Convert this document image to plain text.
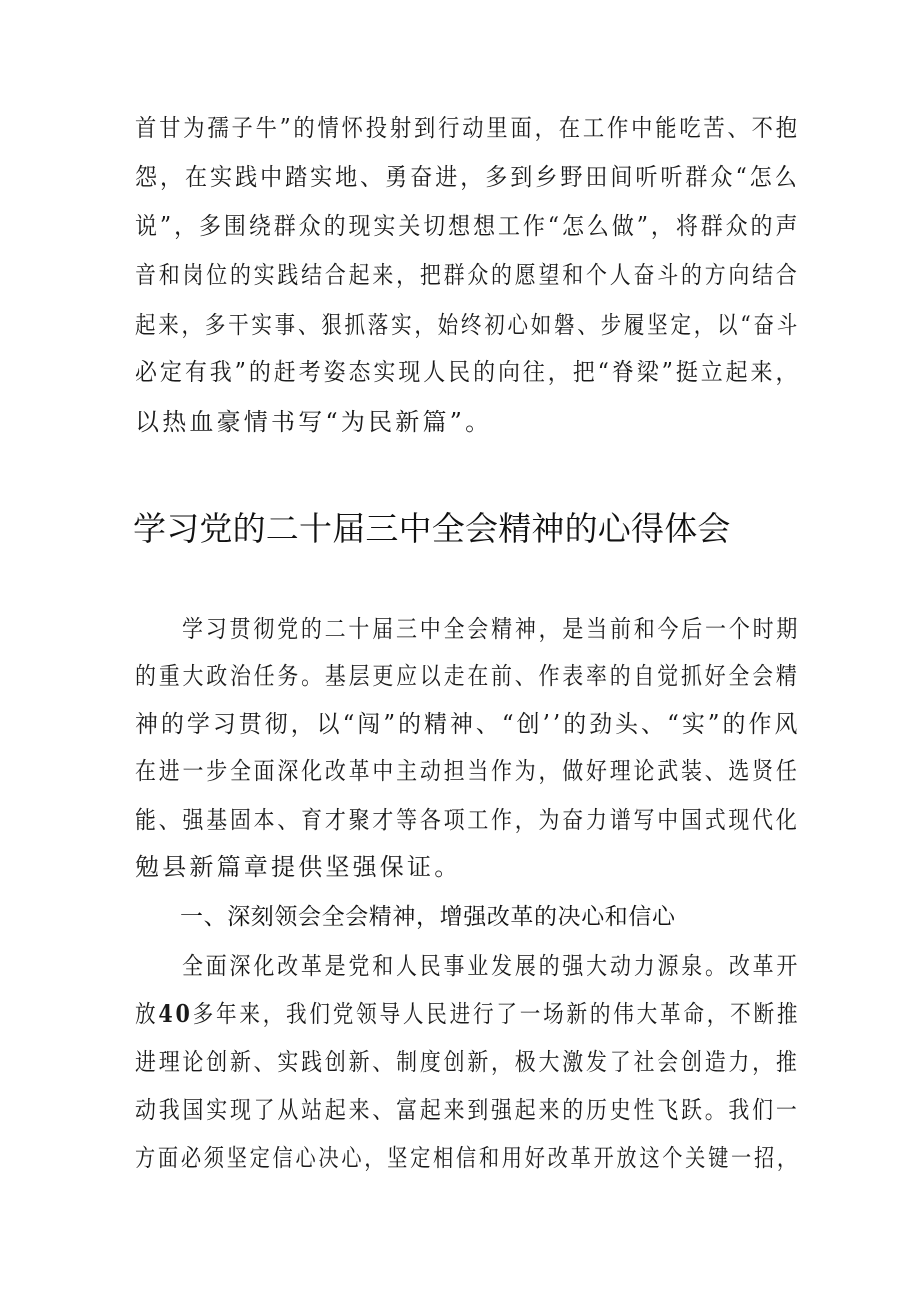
首甘为孺子牛”的情怀投射到行动里面，在工作中能吃苦、不抱
怨，在实践中踏实地、勇奋进，多到乡野田间听听群众“怎么
说”，多围绕群众的现实关切想想工作“怎么做”，将群众的声
音和岗位的实践结合起来，把群众的愿望和个人奋斗的方向结合
起来，多干实事、狠抓落实，始终初心如磐、步履坚定，以“奋斗
必定有我”的赶考姿态实现人民的向往，把“脊梁”挺立起来，
以热血豪情书写“为民新篇”。
学习党的二十届三中全会精神的心得体会
学习贯彻党的二十届三中全会精神，是当前和今后一个时期
的重大政治任务。基层更应以走在前、作表率的自觉抓好全会精
神的学习贯彻，以“闯”的精神、“创’’的劲头、“实”的作风
在进一步全面深化改革中主动担当作为，做好理论武装、选贤任
能、强基固本、育才聚才等各项工作，为奋力谱写中国式现代化
勉县新篇章提供坚强保证。
一、深刻领会全会精神，增强改革的决心和信心
全面深化改革是党和人民事业发展的强大动力源泉。改革开
放40多年来，我们党领导人民进行了一场新的伟大革命，不断推
进理论创新、实践创新、制度创新，极大激发了社会创造力，推
动我国实现了从站起来、富起来到强起来的历史性飞跃。我们一
方面必须坚定信心决心，坚定相信和用好改革开放这个关键一招，
